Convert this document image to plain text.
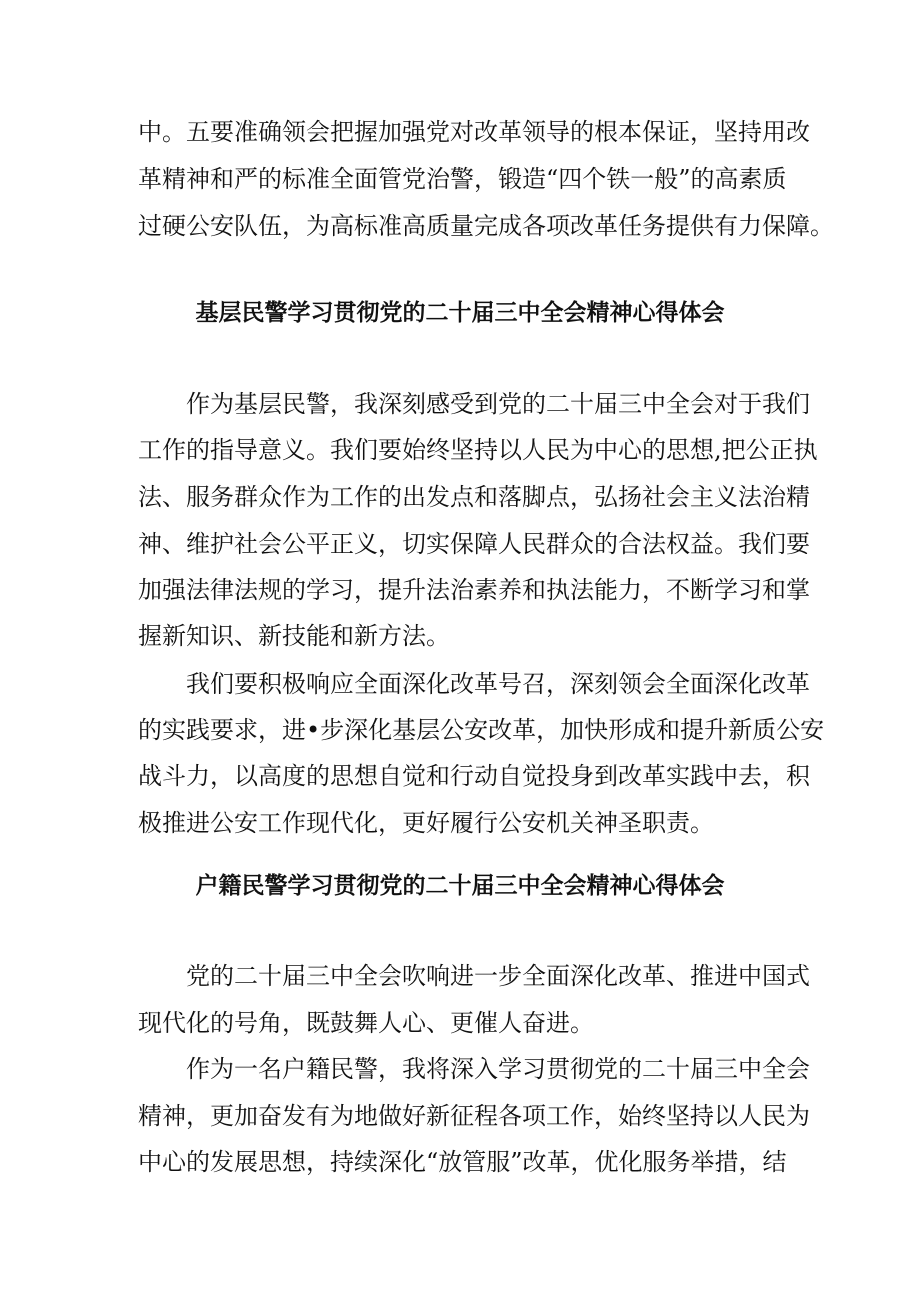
中。五要准确领会把握加强党对改革领导的根本保证，坚持用改
革精神和严的标准全面管党治警，锻造“四个铁一般”的高素质
过硬公安队伍，为高标准高质量完成各项改革任务提供有力保障。
基层民警学习贯彻党的二十届三中全会精神心得体会
作为基层民警，我深刻感受到党的二十届三中全会对于我们
工作的指导意义。我们要始终坚持以人民为中心的思想,把公正执
法、服务群众作为工作的出发点和落脚点，弘扬社会主义法治精
神、维护社会公平正义，切实保障人民群众的合法权益。我们要
加强法律法规的学习，提升法治素养和执法能力，不断学习和掌
握新知识、新技能和新方法。
我们要积极响应全面深化改革号召，深刻领会全面深化改革
的实践要求，进•步深化基层公安改革，加快形成和提升新质公安
战斗力，以高度的思想自觉和行动自觉投身到改革实践中去，积
极推进公安工作现代化，更好履行公安机关神圣职责。
户籍民警学习贯彻党的二十届三中全会精神心得体会
党的二十届三中全会吹响进一步全面深化改革、推进中国式
现代化的号角，既鼓舞人心、更催人奋进。
作为一名户籍民警，我将深入学习贯彻党的二十届三中全会
精神，更加奋发有为地做好新征程各项工作，始终坚持以人民为
中心的发展思想，持续深化“放管服”改革，优化服务举措，结
